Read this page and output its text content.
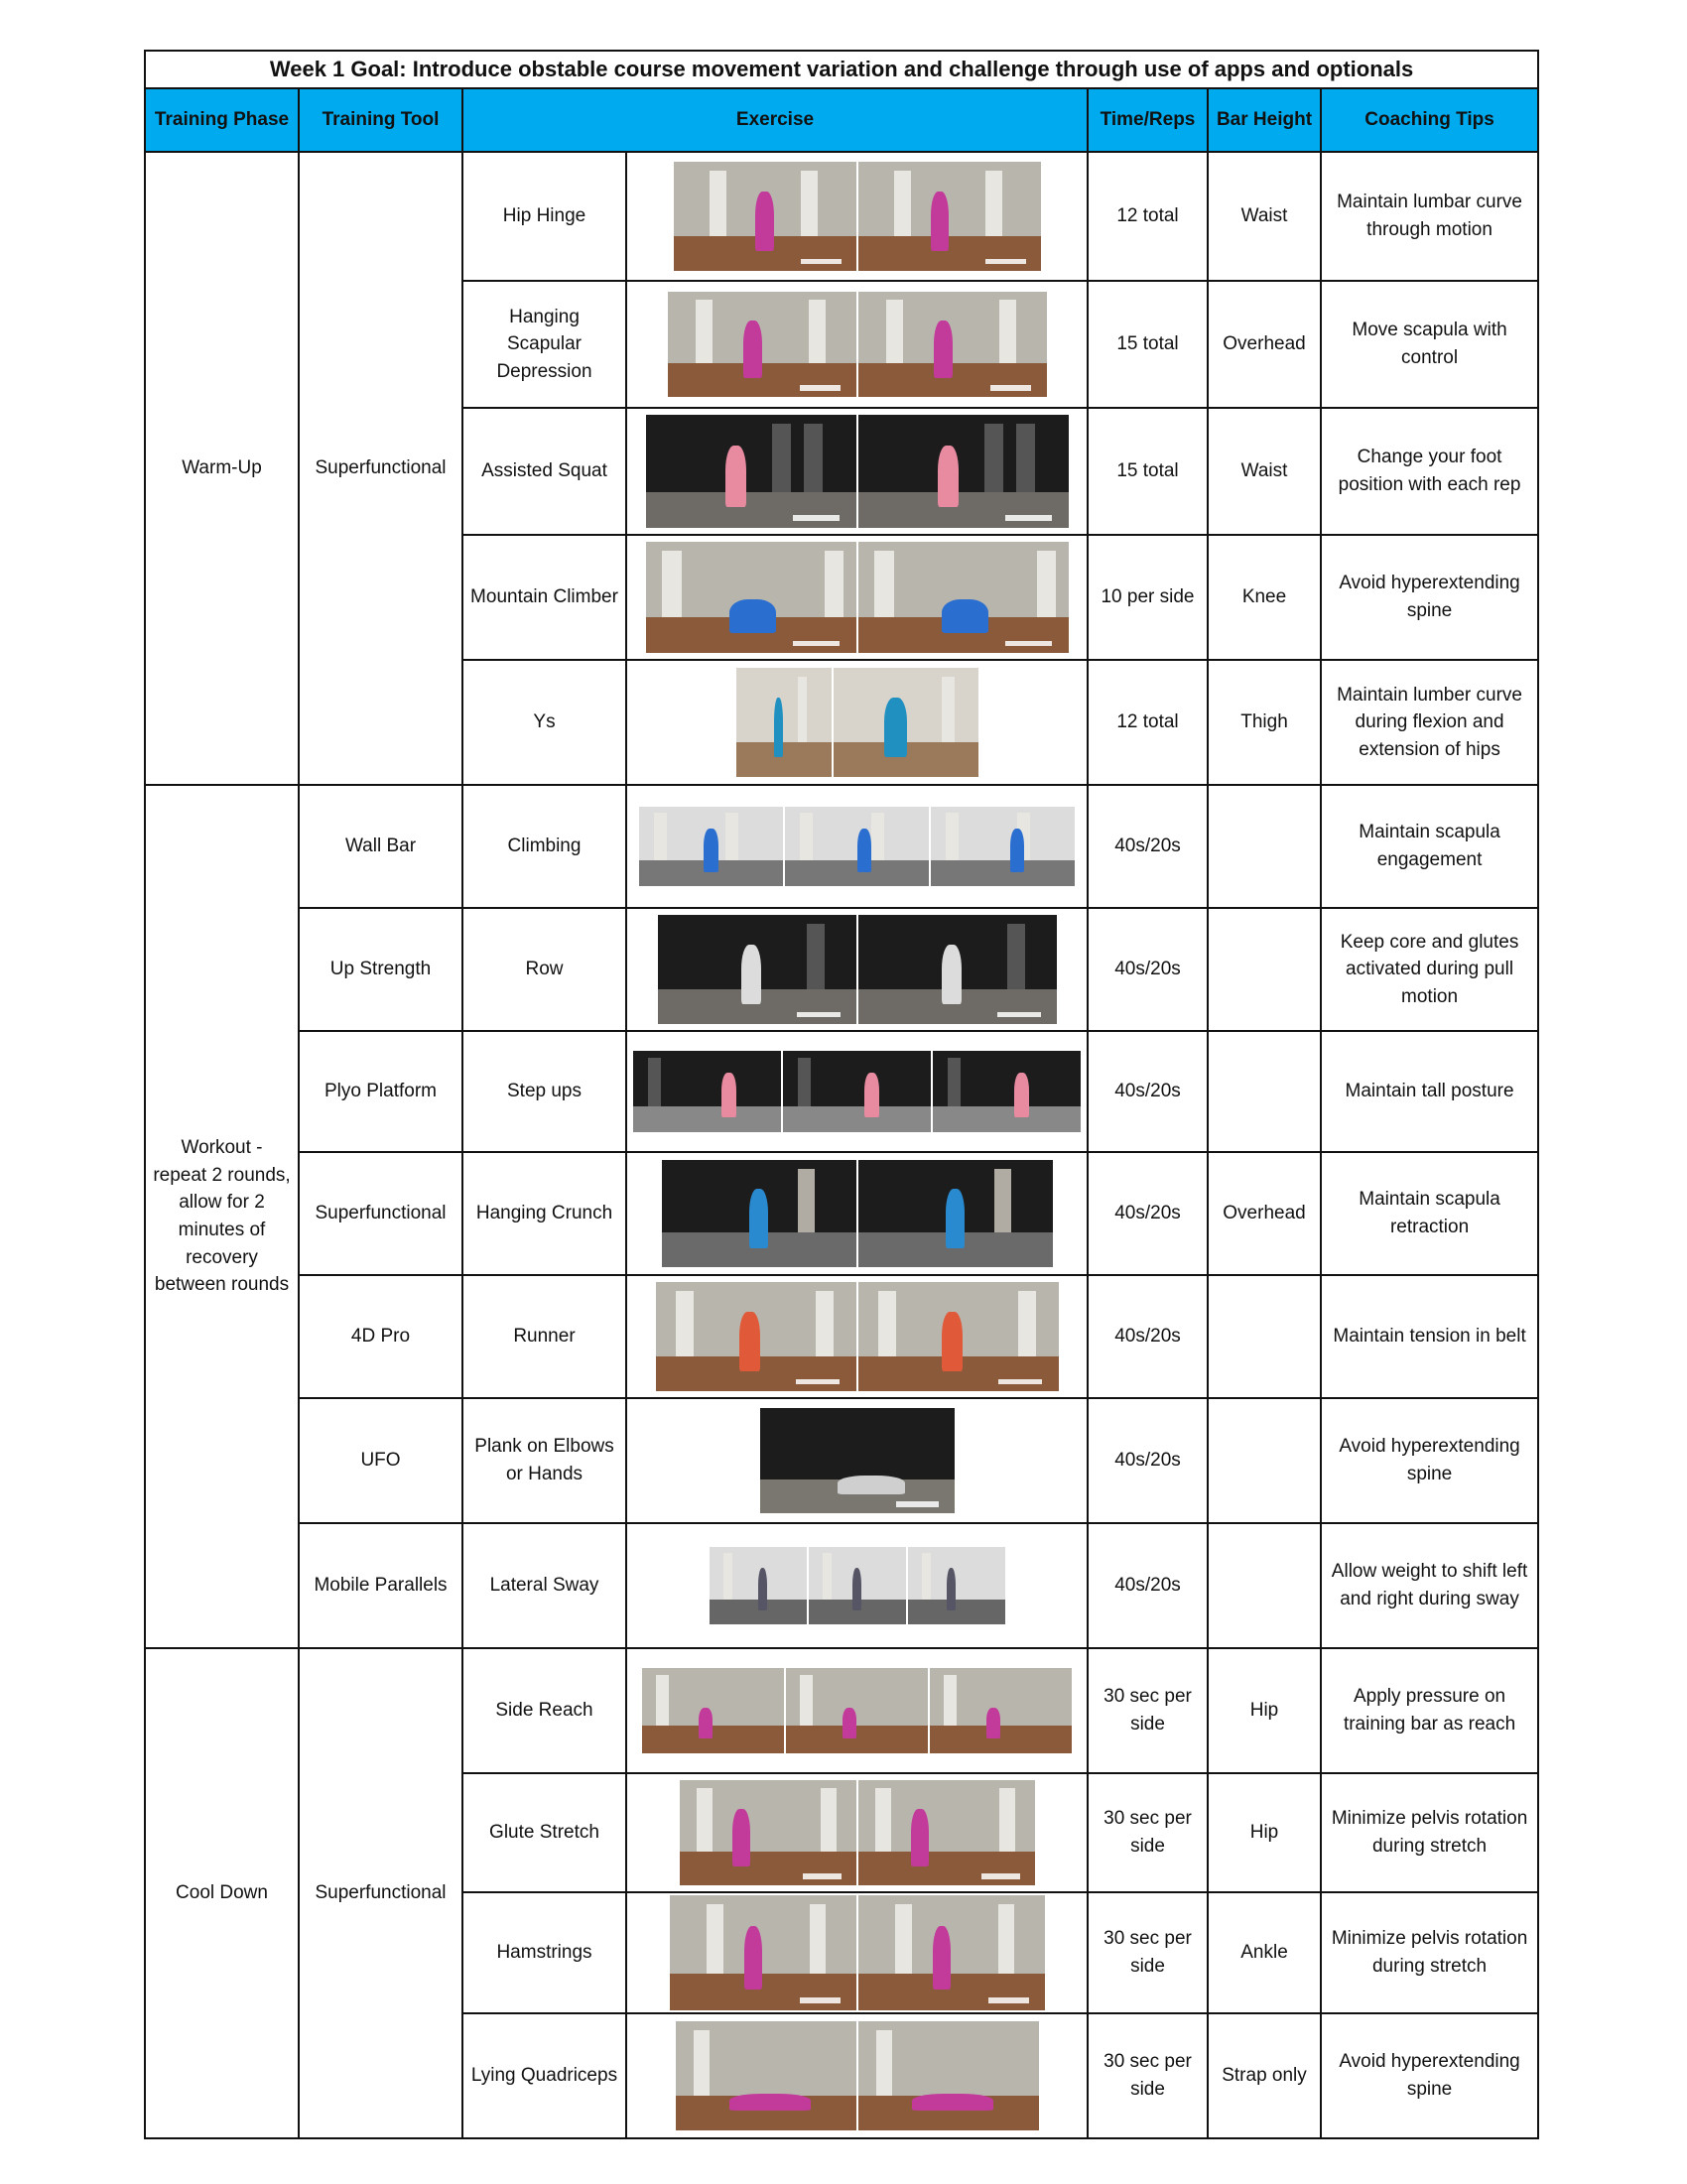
Week 1 Goal: Introduce obstable course movement variation and challenge through use of apps and optionals						
Training Phase	Training Tool	Exercise		Time/Reps	Bar Height	Coaching Tips
Warm-Up	Superfunctional	Hip Hinge		12 total	Waist	Maintain lumbar curve through motion
		Hanging Scapular Depression		15 total	Overhead	Move scapula with control
		Assisted Squat		15 total	Waist	Change your foot position with each rep
		Mountain Climber		10 per side	Knee	Avoid hyperextending spine
		Ys		12 total	Thigh	Maintain lumber curve during flexion and extension of hips
Workout - repeat 2 rounds, allow for 2 minutes of recovery between rounds	Wall Bar	Climbing		40s/20s		Maintain scapula engagement
	Up Strength	Row		40s/20s		Keep core and glutes activated during pull motion
	Plyo Platform	Step ups		40s/20s		Maintain tall posture
	Superfunctional	Hanging Crunch		40s/20s	Overhead	Maintain scapula retraction
	4D Pro	Runner		40s/20s		Maintain tension in belt
	UFO	Plank on Elbows or Hands		40s/20s		Avoid hyperextending spine
	Mobile Parallels	Lateral Sway		40s/20s		Allow weight to shift left and right during sway
Cool Down	Superfunctional	Side Reach		30 sec per side	Hip	Apply pressure on training bar as reach
		Glute Stretch		30 sec per side	Hip	Minimize pelvis rotation during stretch
		Hamstrings		30 sec per side	Ankle	Minimize pelvis rotation during stretch
		Lying Quadriceps		30 sec per side	Strap only	Avoid hyperextending spine
